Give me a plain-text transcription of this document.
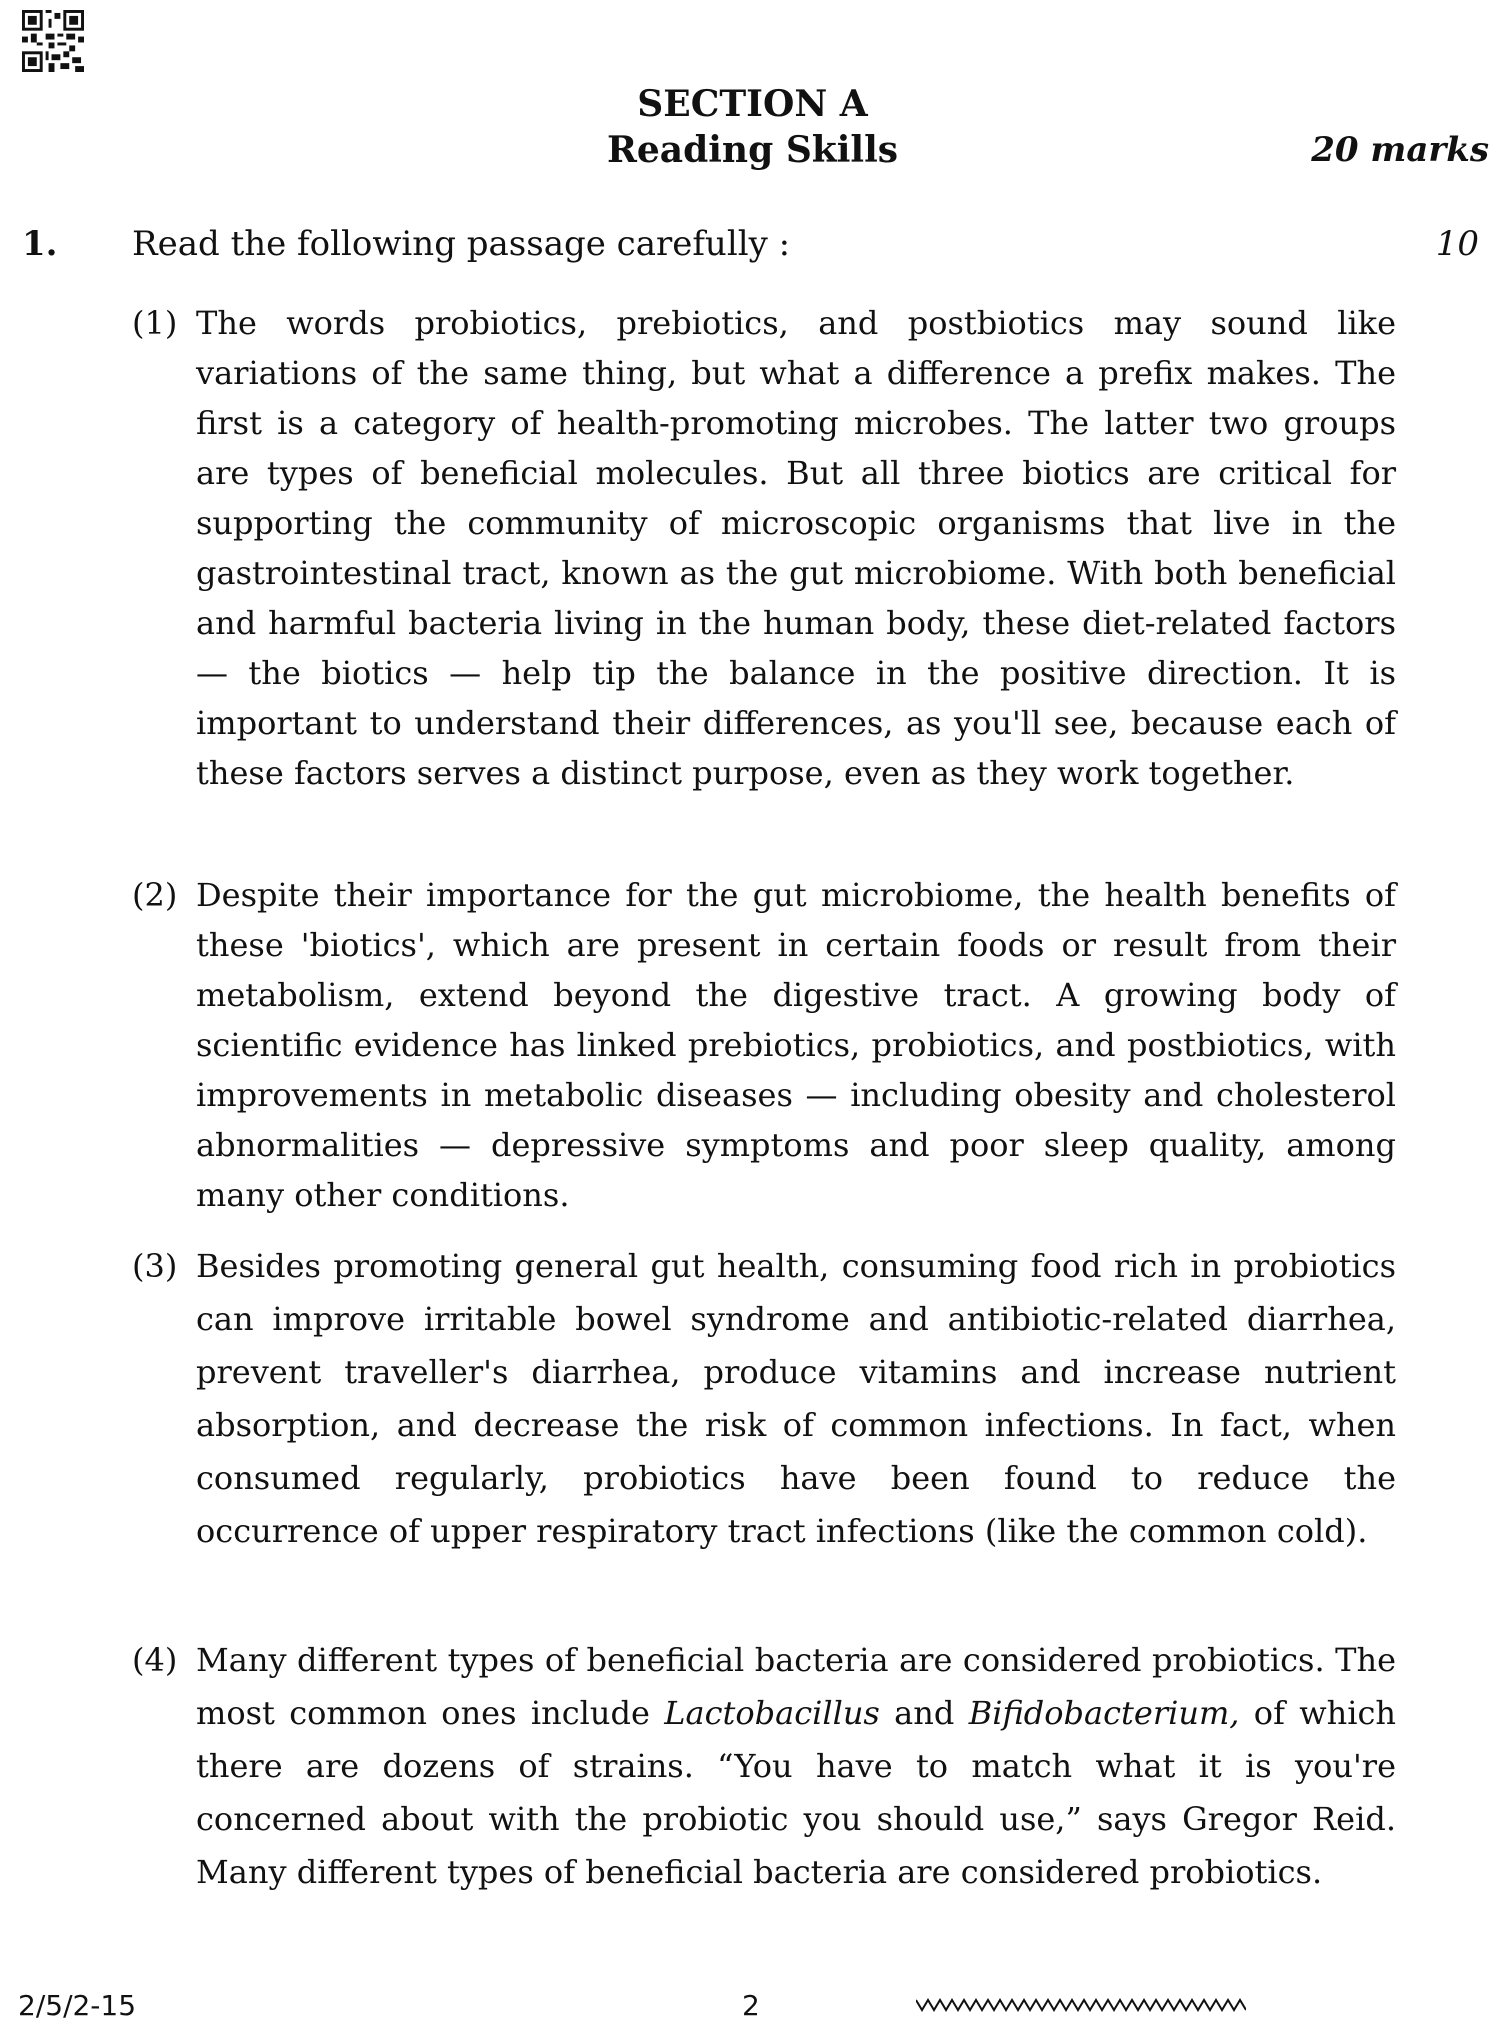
SECTION A
Reading Skills	20 marks
1. Read the following passage carefully :	10
(1) The words probiotics, prebiotics, and postbiotics may sound like variations of the same thing, but what a difference a prefix makes. The first is a category of health-promoting microbes. The latter two groups are types of beneficial molecules. But all three biotics are critical for supporting the community of microscopic organisms that live in the gastrointestinal tract, known as the gut microbiome. With both beneficial and harmful bacteria living in the human body, these diet-related factors — the biotics — help tip the balance in the positive direction. It is important to understand their differences, as you'll see, because each of these factors serves a distinct purpose, even as they work together.
(2) Despite their importance for the gut microbiome, the health benefits of these 'biotics', which are present in certain foods or result from their metabolism, extend beyond the digestive tract. A growing body of scientific evidence has linked prebiotics, probiotics, and postbiotics, with improvements in metabolic diseases — including obesity and cholesterol abnormalities — depressive symptoms and poor sleep quality, among many other conditions.
(3) Besides promoting general gut health, consuming food rich in probiotics can improve irritable bowel syndrome and antibiotic-related diarrhea, prevent traveller's diarrhea, produce vitamins and increase nutrient absorption, and decrease the risk of common infections. In fact, when consumed regularly, probiotics have been found to reduce the occurrence of upper respiratory tract infections (like the common cold).
(4) Many different types of beneficial bacteria are considered probiotics. The most common ones include Lactobacillus and Bifidobacterium, of which there are dozens of strains. “You have to match what it is you're concerned about with the probiotic you should use,” says Gregor Reid. Many different types of beneficial bacteria are considered probiotics.
2/5/2-15	2
